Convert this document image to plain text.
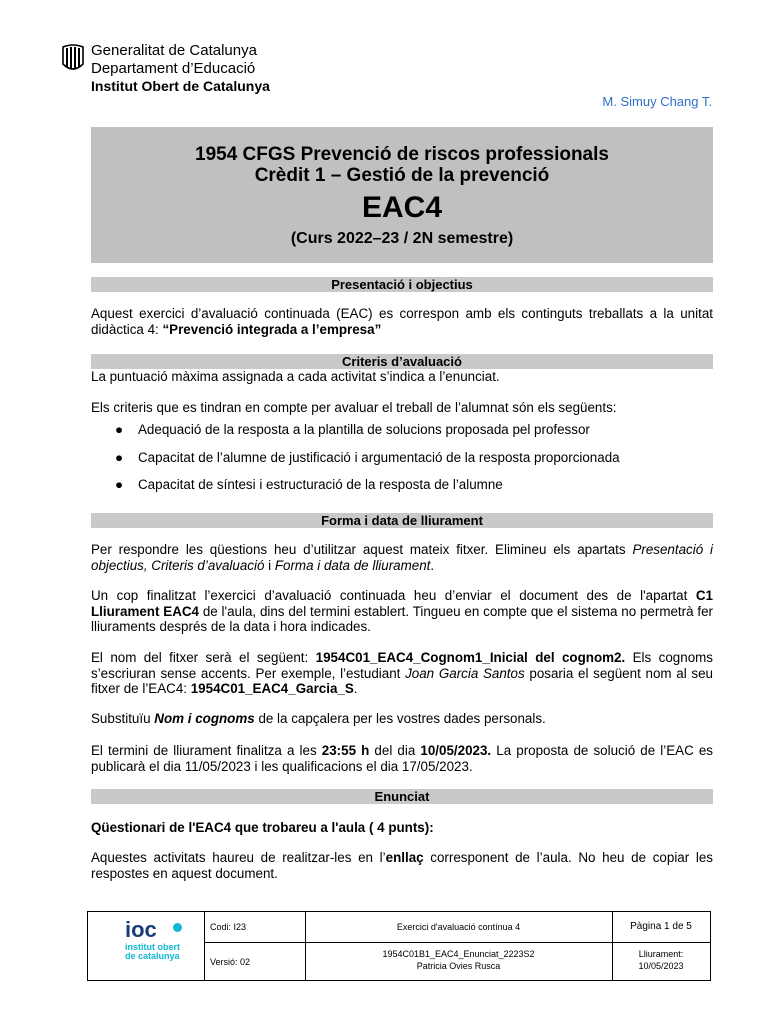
Generalitat de Catalunya
Departament d’Educació
Institut Obert de Catalunya
M. Simuy Chang T.
1954 CFGS Prevenció de riscos professionals
Crèdit 1 – Gestió de la prevenció
EAC4
(Curs 2022–23 / 2N semestre)
Presentació i objectius
Aquest exercici d’avaluació continuada (EAC) es correspon amb els continguts treballats a la unitat didàctica 4: “Prevenció integrada a l’empresa”
Criteris d’avaluació
La puntuació màxima assignada a cada activitat s’indica a l’enunciat.
Els criteris que es tindran en compte per avaluar el treball de l’alumnat són els següents:
● Adequació de la resposta a la plantilla de solucions proposada pel professor
● Capacitat de l’alumne de justificació i argumentació de la resposta proporcionada
● Capacitat de síntesi i estructuració de la resposta de l’alumne
Forma i data de lliurament
Per respondre les qüestions heu d’utilitzar aquest mateix fitxer. Elimineu els apartats Presentació i objectius, Criteris d’avaluació i Forma i data de lliurament.
Un cop finalitzat l’exercici d’avaluació continuada heu d’enviar el document des de l'apartat C1 Lliurament EAC4 de l'aula, dins del termini establert. Tingueu en compte que el sistema no permetrà fer lliuraments després de la data i hora indicades.
El nom del fitxer serà el següent: 1954C01_EAC4_Cognom1_Inicial del cognom2. Els cognoms s’escriuran sense accents. Per exemple, l’estudiant Joan Garcia Santos posaria el següent nom al seu fitxer de l’EAC4: 1954C01_EAC4_Garcia_S.
Substituïu Nom i cognoms de la capçalera per les vostres dades personals.
El termini de lliurament finalitza a les 23:55 h del dia 10/05/2023. La proposta de solució de l’EAC es publicarà el dia 11/05/2023 i les qualificacions el dia 17/05/2023.
Enunciat
Qüestionari de l'EAC4 que trobareu a l'aula ( 4 punts):
Aquestes activitats haureu de realitzar-les en l’enllaç corresponent de l’aula. No heu de copiar les respostes en aquest document.
ioc
institut obert
de catalunya
Codi: I23
Versió: 02
Exercici d'avaluació contínua 4
1954C01B1_EAC4_Enunciat_2223S2
Patricia Ovies Rusca
Pàgina 1 de 5
Lliurament:
10/05/2023
